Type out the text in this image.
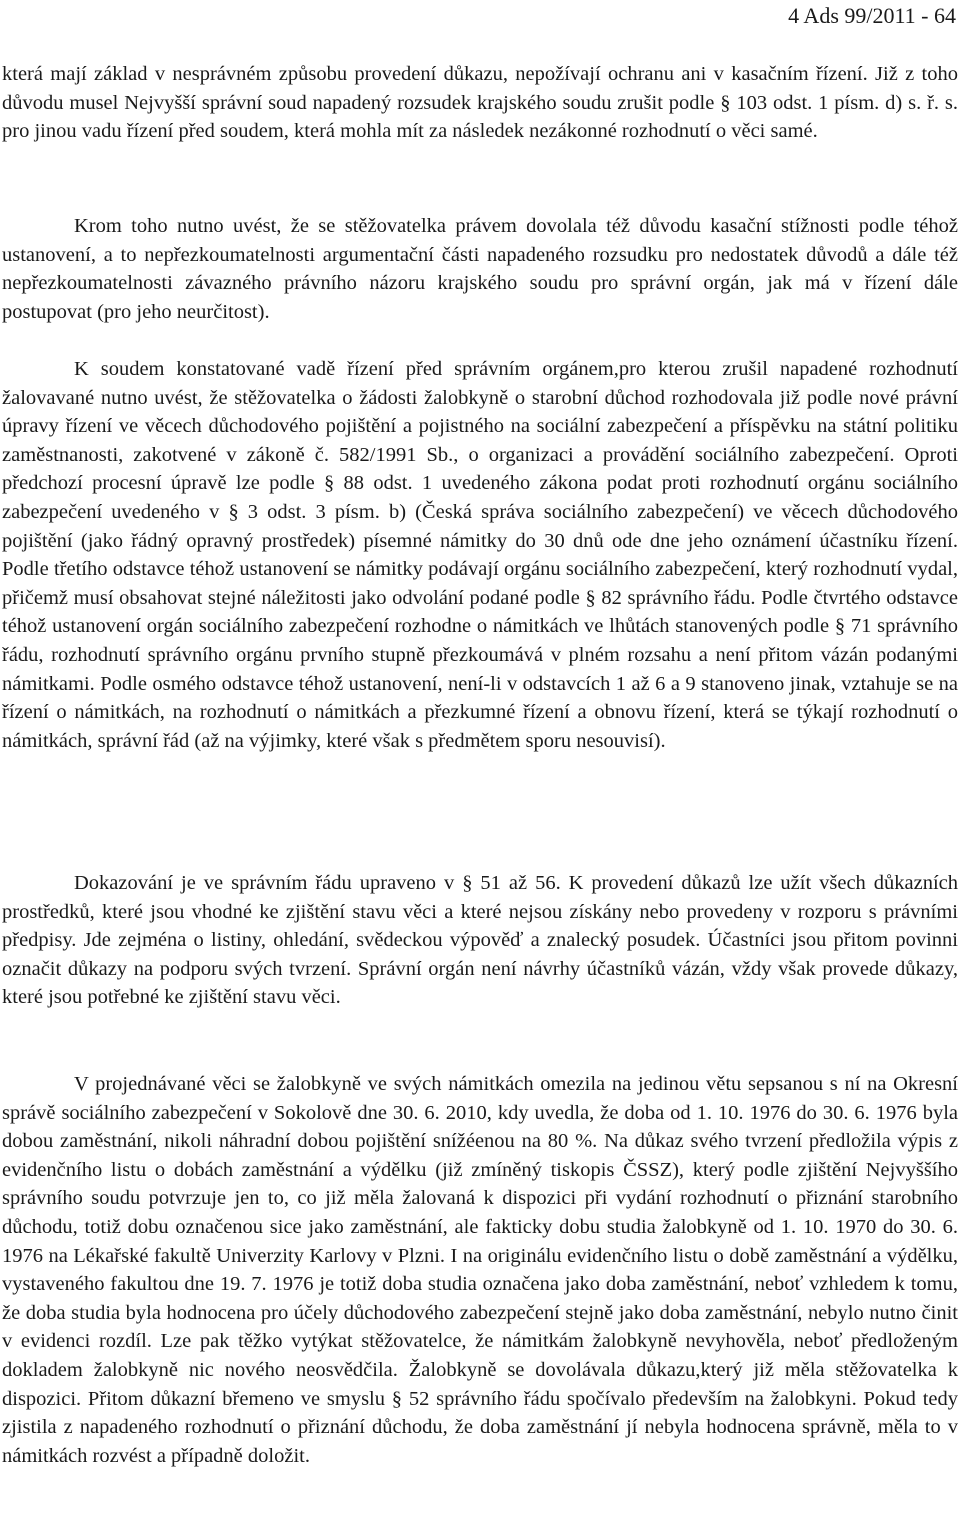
4 Ads 99/2011 - 64

která mají základ v nesprávném způsobu provedení důkazu, nepožívají ochranu ani v kasačním řízení. Již z toho důvodu musel Nejvyšší správní soud napadený rozsudek krajského soudu zrušit podle § 103 odst. 1 písm. d) s. ř. s. pro jinou vadu řízení před soudem, která mohla mít za následek nezákonné rozhodnutí o věci samé.

Krom toho nutno uvést, že se stěžovatelka právem dovolala též důvodu kasační stížnosti podle téhož ustanovení, a to nepřezkoumatelnosti argumentační části napadeného rozsudku pro nedostatek důvodů a dále též nepřezkoumatelnosti závazného právního názoru krajského soudu pro správní orgán, jak má v řízení dále postupovat (pro jeho neurčitost).

K soudem konstatované vadě řízení před správním orgánem,pro kterou zrušil napadené rozhodnutí žalovavané nutno uvést, že stěžovatelka o žádosti žalobkyně o starobní důchod rozhodovala již podle nové právní úpravy řízení ve věcech důchodového pojištění a pojistného na sociální zabezpečení a příspěvku na státní politiku zaměstnanosti, zakotvené v zákoně č. 582/1991 Sb., o organizaci a provádění sociálního zabezpečení. Oproti předchozí procesní úpravě lze podle § 88 odst. 1 uvedeného zákona podat proti rozhodnutí orgánu sociálního zabezpečení uvedeného v § 3 odst. 3 písm. b) (Česká správa sociálního zabezpečení) ve věcech důchodového pojištění (jako řádný opravný prostředek) písemné námitky do 30 dnů ode dne jeho oznámení účastníku řízení. Podle třetího odstavce téhož ustanovení se námitky podávají orgánu sociálního zabezpečení, který rozhodnutí vydal, přičemž musí obsahovat stejné náležitosti jako odvolání podané podle § 82 správního řádu. Podle čtvrtého odstavce téhož ustanovení orgán sociálního zabezpečení rozhodne o námitkách ve lhůtách stanovených podle § 71 správního řádu, rozhodnutí správního orgánu prvního stupně přezkoumává v plném rozsahu a není přitom vázán podanými námitkami. Podle osmého odstavce téhož ustanovení, není-li v odstavcích 1 až 6 a 9 stanoveno jinak, vztahuje se na řízení o námitkách, na rozhodnutí o námitkách a přezkumné řízení a obnovu řízení, která se týkají rozhodnutí o námitkách, správní řád (až na výjimky, které však s předmětem sporu nesouvisí).

Dokazování je ve správním řádu upraveno v § 51 až 56. K provedení důkazů lze užít všech důkazních prostředků, které jsou vhodné ke zjištění stavu věci a které nejsou získány nebo provedeny v rozporu s právními předpisy. Jde zejména o listiny, ohledání, svědeckou výpověď a znalecký posudek. Účastníci jsou přitom povinni označit důkazy na podporu svých tvrzení. Správní orgán není návrhy účastníků vázán, vždy však provede důkazy, které jsou potřebné ke zjištění stavu věci.

V projednávané věci se žalobkyně ve svých námitkách omezila na jedinou větu sepsanou s ní na Okresní správě sociálního zabezpečení v Sokolově dne 30. 6. 2010, kdy uvedla, že doba od 1. 10. 1976 do 30. 6. 1976 byla dobou zaměstnání, nikoli náhradní dobou pojištění snížéenou na 80 %. Na důkaz svého tvrzení předložila výpis z evidenčního listu o dobách zaměstnání a výdělku (již zmíněný tiskopis ČSSZ), který podle zjištění Nejvyššího správního soudu potvrzuje jen to, co již měla žalovaná k dispozici při vydání rozhodnutí o přiznání starobního důchodu, totiž dobu označenou sice jako zaměstnání, ale fakticky dobu studia žalobkyně od 1. 10. 1970 do 30. 6. 1976 na Lékařské fakultě Univerzity Karlovy v Plzni. I na originálu evidenčního listu o době zaměstnání a výdělku, vystaveného fakultou dne 19. 7. 1976 je totiž doba studia označena jako doba zaměstnání, neboť vzhledem k tomu, že doba studia byla hodnocena pro účely důchodového zabezpečení stejně jako doba zaměstnání, nebylo nutno činit v evidenci rozdíl. Lze pak těžko vytýkat stěžovatelce, že námitkám žalobkyně nevyhověla, neboť předloženým dokladem žalobkyně nic nového neosvědčila. Žalobkyně se dovolávala důkazu,který již měla stěžovatelka k dispozici. Přitom důkazní břemeno ve smyslu § 52 správního řádu spočívalo především na žalobkyni. Pokud tedy zjistila z napadeného rozhodnutí o přiznání důchodu, že doba zaměstnání jí nebyla hodnocena správně, měla to v námitkách rozvést a případně doložit.
